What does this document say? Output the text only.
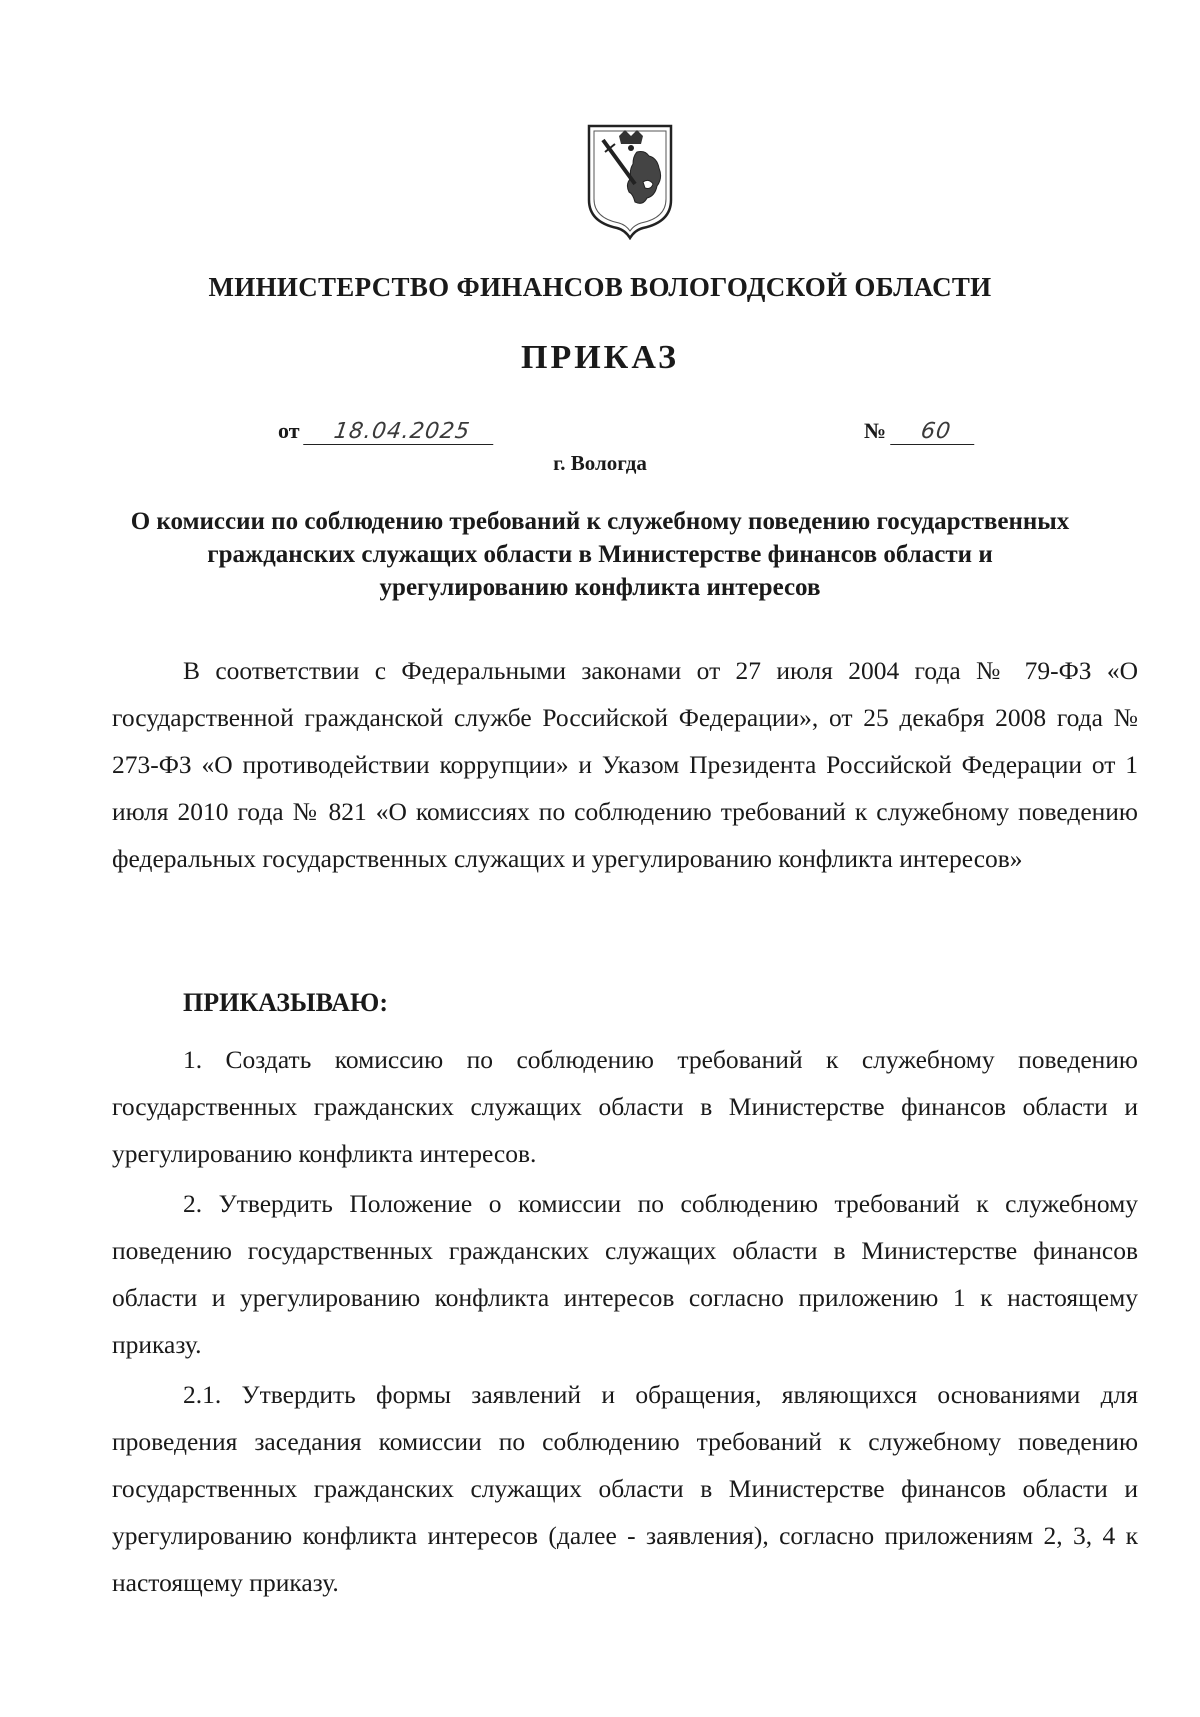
МИНИСТЕРСТВО ФИНАНСОВ ВОЛОГОДСКОЙ ОБЛАСТИ
ПРИКАЗ
от 18.04.2025	№ 60
г. Вологда
О комиссии по соблюдению требований к служебному поведению государственных гражданских служащих области в Министерстве финансов области и урегулированию конфликта интересов

В соответствии с Федеральными законами от 27 июля 2004 года № 79-ФЗ «О государственной гражданской службе Российской Федерации», от 25 декабря 2008 года № 273-ФЗ «О противодействии коррупции» и Указом Президента Российской Федерации от 1 июля 2010 года № 821 «О комиссиях по соблюдению требований к служебному поведению федеральных государственных служащих и урегулированию конфликта интересов»

ПРИКАЗЫВАЮ:

1. Создать комиссию по соблюдению требований к служебному поведению государственных гражданских служащих области в Министерстве финансов области и урегулированию конфликта интересов.

2. Утвердить Положение о комиссии по соблюдению требований к служебному поведению государственных гражданских служащих области в Министерстве финансов области и урегулированию конфликта интересов согласно приложению 1 к настоящему приказу.

2.1. Утвердить формы заявлений и обращения, являющихся основаниями для проведения заседания комиссии по соблюдению требований к служебному поведению государственных гражданских служащих области в Министерстве финансов области и урегулированию конфликта интересов (далее - заявления), согласно приложениям 2, 3, 4 к настоящему приказу.
